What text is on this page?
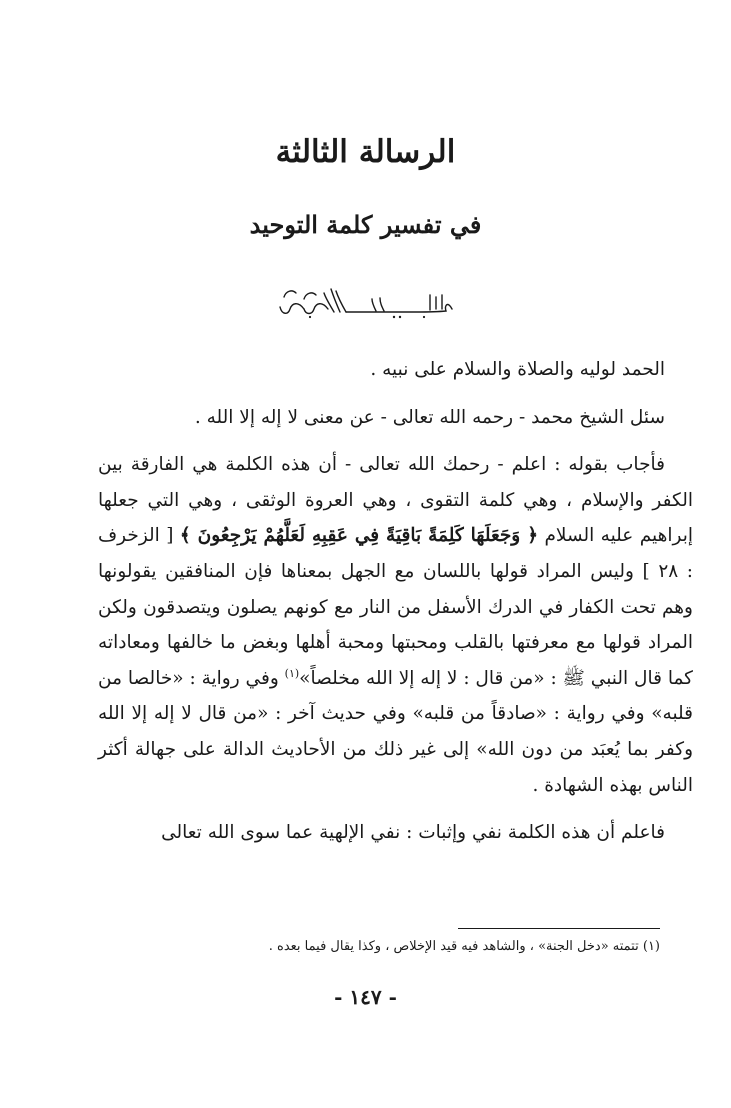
الرسالة الثالثة
في تفسير كلمة التوحيد

الحمد لوليه والصلاة والسلام على نبيه .

سئل الشيخ محمد - رحمه الله تعالى - عن معنى لا إله إلا الله .

فأجاب بقوله : اعلم - رحمك الله تعالى - أن هذه الكلمة هي الفارقة بين الكفر والإسلام ، وهي كلمة التقوى ، وهي العروة الوثقى ، وهي التي جعلها إبراهيم عليه السلام ﴿ وَجَعَلَهَا كَلِمَةً بَاقِيَةً فِي عَقِبِهِ لَعَلَّهُمْ يَرْجِعُونَ ﴾ [ الزخرف : ٢٨ ] وليس المراد قولها باللسان مع الجهل بمعناها فإن المنافقين يقولونها وهم تحت الكفار في الدرك الأسفل من النار مع كونهم يصلون ويتصدقون ولكن المراد قولها مع معرفتها بالقلب ومحبتها ومحبة أهلها وبغض ما خالفها ومعاداته كما قال النبي ﷺ : «من قال : لا إله إلا الله مخلصاً»$^{(١)}$ وفي رواية : «خالصا من قلبه» وفي رواية : «صادقاً من قلبه» وفي حديث آخر : «من قال لا إله إلا الله وكفر بما يُعبَد من دون الله» إلى غير ذلك من الأحاديث الدالة على جهالة أكثر الناس بهذه الشهادة .

فاعلم أن هذه الكلمة نفي وإثبات : نفي الإلهية عما سوى الله تعالى

(١) تتمته «دخل الجنة» ، والشاهد فيه قيد الإخلاص ، وكذا يقال فيما بعده .

- ١٤٧ -
